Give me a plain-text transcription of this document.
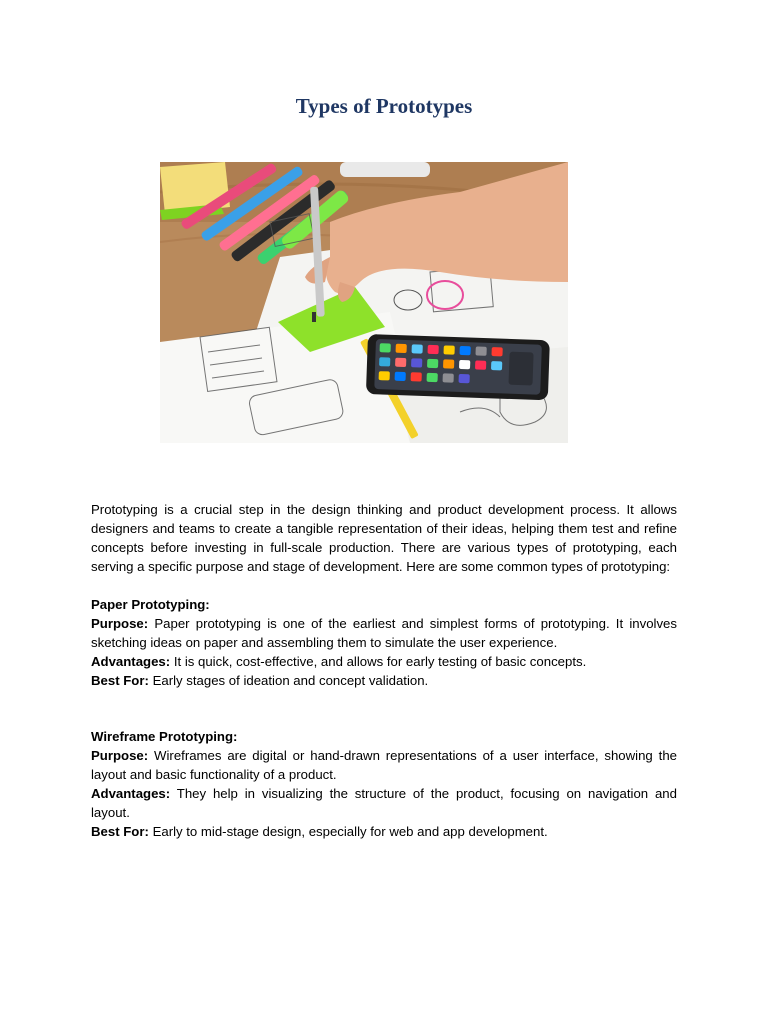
Types of Prototypes

Prototyping is a crucial step in the design thinking and product development process. It allows designers and teams to create a tangible representation of their ideas, helping them test and refine concepts before investing in full-scale production. There are various types of prototyping, each serving a specific purpose and stage of development. Here are some common types of prototyping:

Paper Prototyping:

Purpose: Paper prototyping is one of the earliest and simplest forms of prototyping. It involves sketching ideas on paper and assembling them to simulate the user experience.

Advantages: It is quick, cost-effective, and allows for early testing of basic concepts.

Best For: Early stages of ideation and concept validation.

Wireframe Prototyping:

Purpose: Wireframes are digital or hand-drawn representations of a user interface, showing the layout and basic functionality of a product.

Advantages: They help in visualizing the structure of the product, focusing on navigation and layout.

Best For: Early to mid-stage design, especially for web and app development.
